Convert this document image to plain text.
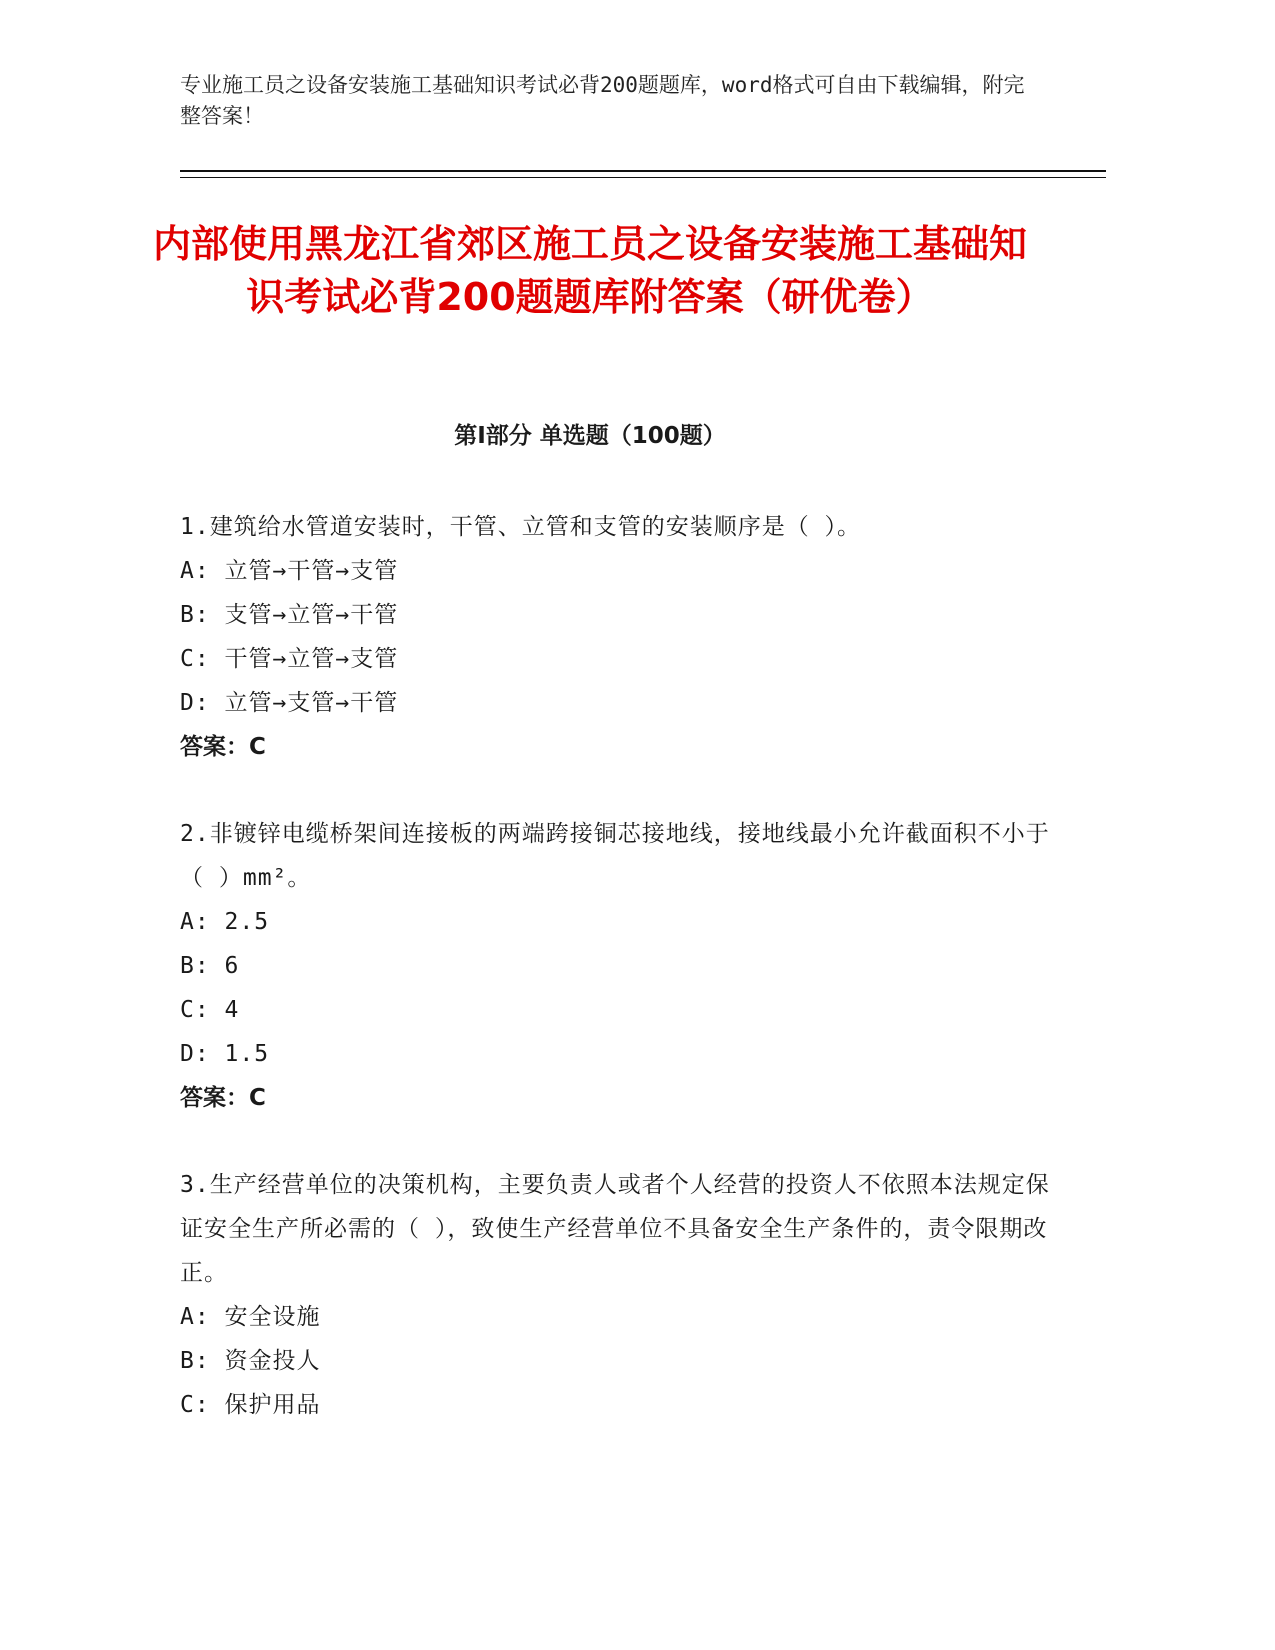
专业施工员之设备安装施工基础知识考试必背200题题库，word格式可自由下载编辑，附完整答案！
内部使用黑龙江省郊区施工员之设备安装施工基础知识考试必背200题题库附答案（研优卷）
第Ⅰ部分 单选题（100题）
1.建筑给水管道安装时，干管、立管和支管的安装顺序是（ ）。
A: 立管→干管→支管
B: 支管→立管→干管
C: 干管→立管→支管
D: 立管→支管→干管
答案：C
2.非镀锌电缆桥架间连接板的两端跨接铜芯接地线，接地线最小允许截面积不小于（ ）mm²。
A: 2.5
B: 6
C: 4
D: 1.5
答案：C
3.生产经营单位的决策机构，主要负责人或者个人经营的投资人不依照本法规定保证安全生产所必需的（ ），致使生产经营单位不具备安全生产条件的，责令限期改正。
A: 安全设施
B: 资金投人
C: 保护用品
